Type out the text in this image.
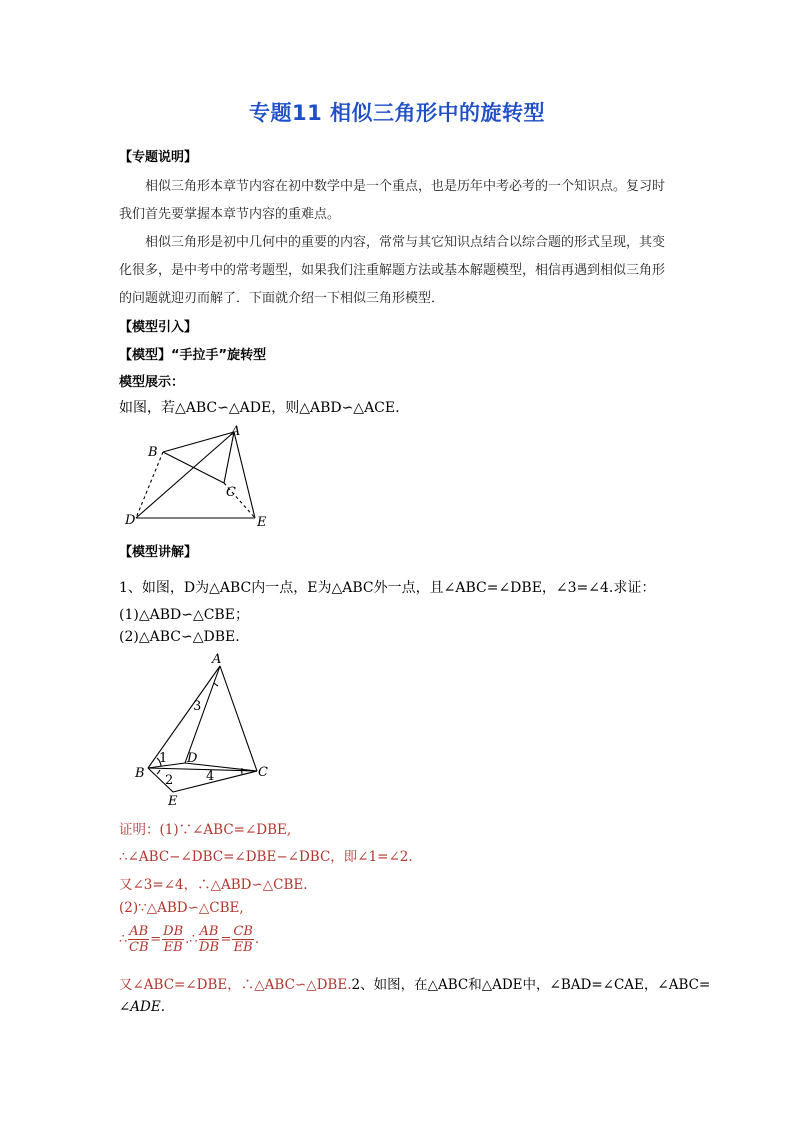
专题11 相似三角形中的旋转型
【专题说明】
相似三角形本章节内容在初中数学中是一个重点，也是历年中考必考的一个知识点。复习时我们首先要掌握本章节内容的重难点。
相似三角形是初中几何中的重要的内容，常常与其它知识点结合以综合题的形式呈现，其变化很多，是中考中的常考题型，如果我们注重解题方法或基本解题模型，相信再遇到相似三角形的问题就迎刃而解了．下面就介绍一下相似三角形模型．
【模型引入】
【模型】“手拉手”旋转型
模型展示：
如图，若△ABC∽△ADE，则△ABD∽△ACE.
A
B
C
D	E
【模型讲解】
1、如图，D为△ABC内一点，E为△ABC外一点，且∠ABC=∠DBE，∠3=∠4.求证：
(1)△ABD∽△CBE；
(2)△ABC∽△DBE.
A
3
1 D
B 2	4	C
E
证明：(1)∵∠ABC=∠DBE,
∴∠ABC−∠DBC=∠DBE−∠DBC，即∠1=∠2.
又∠3=∠4，∴△ABD∽△CBE.
(2)∵△ABD∽△CBE,
∴ $\frac{AB}{CB} = \frac{DB}{EB}$ .∴ $\frac{AB}{DB} = \frac{CB}{EB}$ .
又∠ABC=∠DBE，∴△ABC∽△DBE.2、如图，在△ABC和△ADE中，∠BAD=∠CAE，∠ABC=
∠ADE.
